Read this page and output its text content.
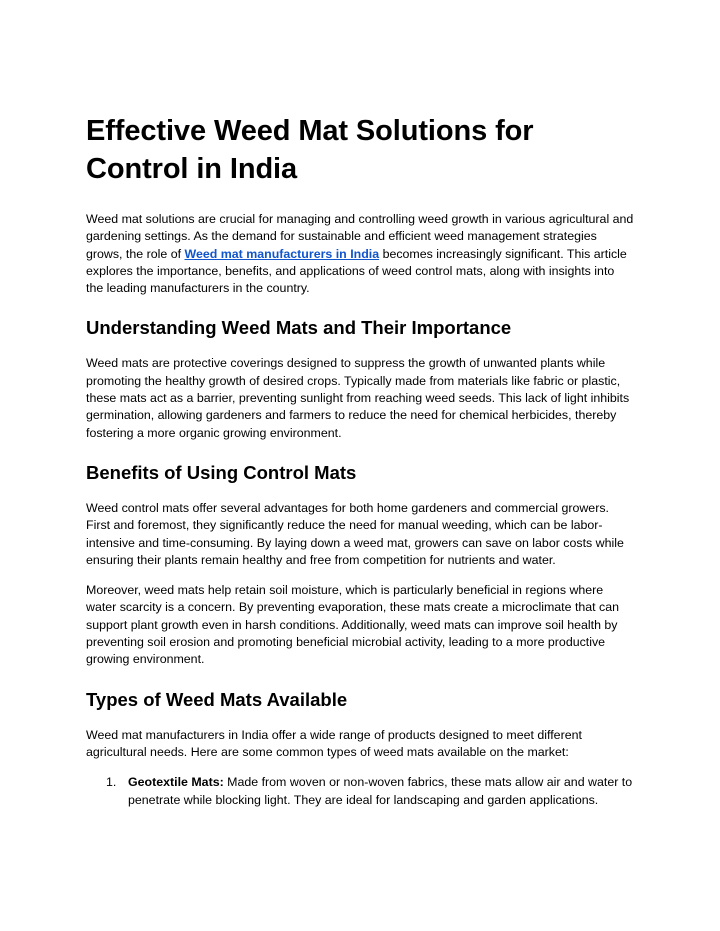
Effective Weed Mat Solutions for Control in India

Weed mat solutions are crucial for managing and controlling weed growth in various agricultural and gardening settings. As the demand for sustainable and efficient weed management strategies grows, the role of Weed mat manufacturers in India becomes increasingly significant. This article explores the importance, benefits, and applications of weed control mats, along with insights into the leading manufacturers in the country.

Understanding Weed Mats and Their Importance

Weed mats are protective coverings designed to suppress the growth of unwanted plants while promoting the healthy growth of desired crops. Typically made from materials like fabric or plastic, these mats act as a barrier, preventing sunlight from reaching weed seeds. This lack of light inhibits germination, allowing gardeners and farmers to reduce the need for chemical herbicides, thereby fostering a more organic growing environment.

Benefits of Using Control Mats

Weed control mats offer several advantages for both home gardeners and commercial growers. First and foremost, they significantly reduce the need for manual weeding, which can be labor-intensive and time-consuming. By laying down a weed mat, growers can save on labor costs while ensuring their plants remain healthy and free from competition for nutrients and water.

Moreover, weed mats help retain soil moisture, which is particularly beneficial in regions where water scarcity is a concern. By preventing evaporation, these mats create a microclimate that can support plant growth even in harsh conditions. Additionally, weed mats can improve soil health by preventing soil erosion and promoting beneficial microbial activity, leading to a more productive growing environment.

Types of Weed Mats Available

Weed mat manufacturers in India offer a wide range of products designed to meet different agricultural needs. Here are some common types of weed mats available on the market:

1. Geotextile Mats: Made from woven or non-woven fabrics, these mats allow air and water to penetrate while blocking light. They are ideal for landscaping and garden applications.
